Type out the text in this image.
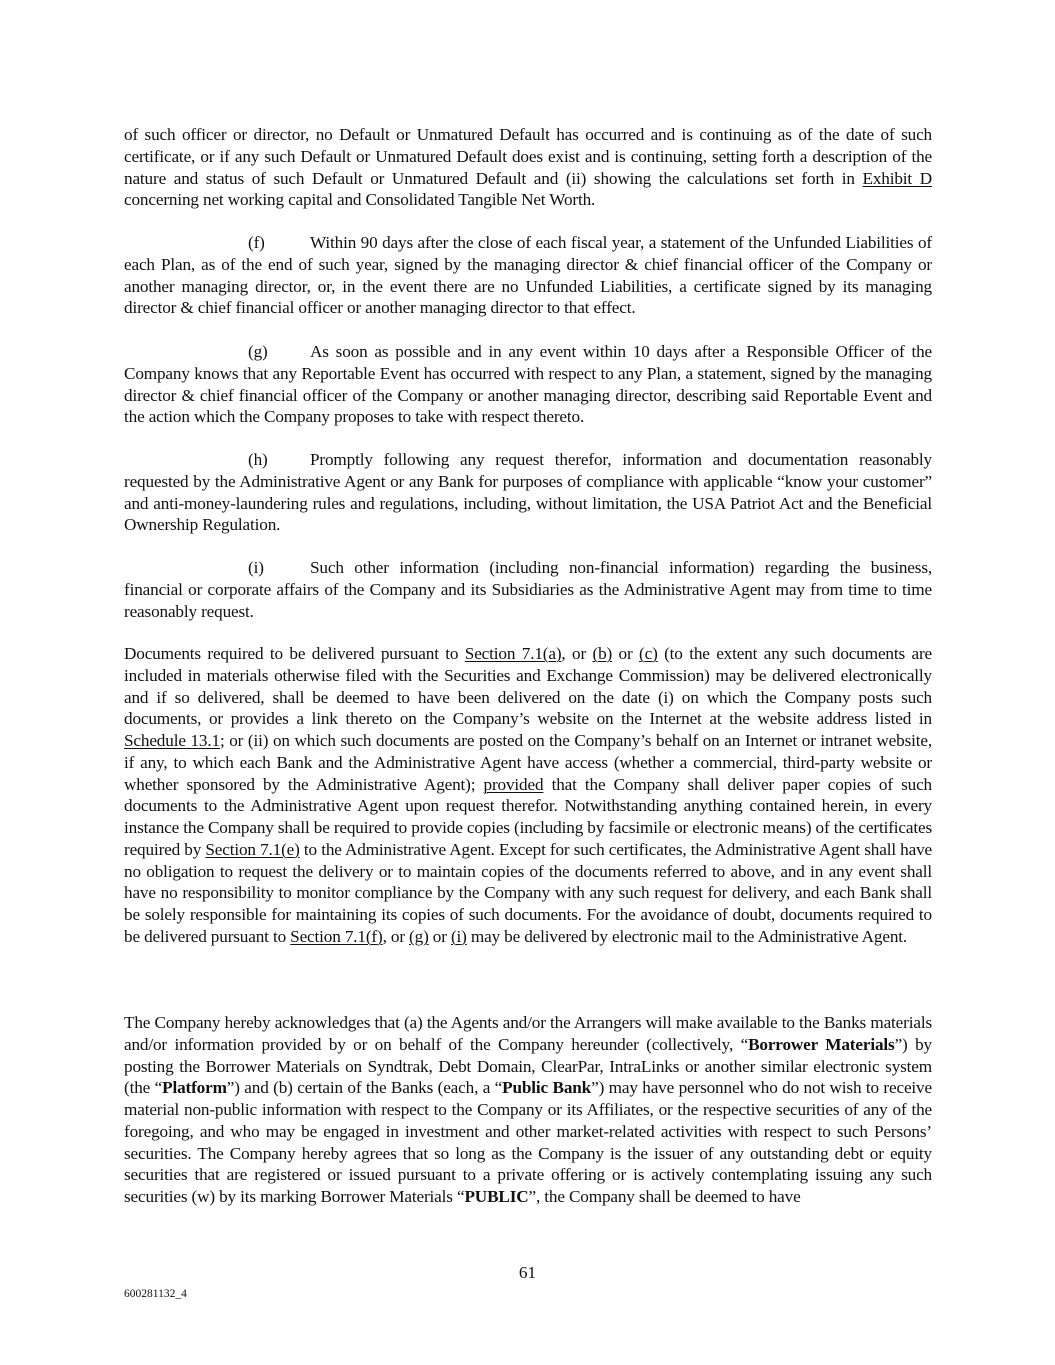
of such officer or director, no Default or Unmatured Default has occurred and is continuing as of the date of such certificate, or if any such Default or Unmatured Default does exist and is continuing, setting forth a description of the nature and status of such Default or Unmatured Default and (ii) showing the calculations set forth in Exhibit D concerning net working capital and Consolidated Tangible Net Worth.

(f)	Within 90 days after the close of each fiscal year, a statement of the Unfunded Liabilities of each Plan, as of the end of such year, signed by the managing director & chief financial officer of the Company or another managing director, or, in the event there are no Unfunded Liabilities, a certificate signed by its managing director & chief financial officer or another managing director to that effect.

(g) As soon as possible and in any event within 10 days after a Responsible Officer of the Company knows that any Reportable Event has occurred with respect to any Plan, a statement, signed by the managing director & chief financial officer of the Company or another managing director, describing said Reportable Event and the action which the Company proposes to take with respect thereto.

(h) Promptly following any request therefor, information and documentation reasonably requested by the Administrative Agent or any Bank for purposes of compliance with applicable “know your customer” and anti-money-laundering rules and regulations, including, without limitation, the USA Patriot Act and the Beneficial Ownership Regulation.

(i)	Such other information (including non-financial information) regarding the business, financial or corporate affairs of the Company and its Subsidiaries as the Administrative Agent may from time to time reasonably request.

Documents required to be delivered pursuant to Section 7.1(a), or (b) or (c) (to the extent any such documents are included in materials otherwise filed with the Securities and Exchange Commission) may be delivered electronically and if so delivered, shall be deemed to have been delivered on the date (i) on which the Company posts such documents, or provides a link thereto on the Company’s website on the Internet at the website address listed in Schedule 13.1; or (ii) on which such documents are posted on the Company’s behalf on an Internet or intranet website, if any, to which each Bank and the Administrative Agent have access (whether a commercial, third-party website or whether sponsored by the Administrative Agent); provided that the Company shall deliver paper copies of such documents to the Administrative Agent upon request therefor. Notwithstanding anything contained herein, in every instance the Company shall be required to provide copies (including by facsimile or electronic means) of the certificates required by Section 7.1(e) to the Administrative Agent. Except for such certificates, the Administrative Agent shall have no obligation to request the delivery or to maintain copies of the documents referred to above, and in any event shall have no responsibility to monitor compliance by the Company with any such request for delivery, and each Bank shall be solely responsible for maintaining its copies of such documents. For the avoidance of doubt, documents required to be delivered pursuant to Section 7.1(f), or (g) or (i) may be delivered by electronic mail to the Administrative Agent.

The Company hereby acknowledges that (a) the Agents and/or the Arrangers will make available to the Banks materials and/or information provided by or on behalf of the Company hereunder (collectively, “Borrower Materials”) by posting the Borrower Materials on Syndtrak, Debt Domain, ClearPar, IntraLinks or another similar electronic system (the “Platform”) and (b) certain of the Banks (each, a “Public Bank”) may have personnel who do not wish to receive material non-public information with respect to the Company or its Affiliates, or the respective securities of any of the foregoing, and who may be engaged in investment and other market-related activities with respect to such Persons’ securities. The Company hereby agrees that so long as the Company is the issuer of any outstanding debt or equity securities that are registered or issued pursuant to a private offering or is actively contemplating issuing any such securities (w) by its marking Borrower Materials “PUBLIC”, the Company shall be deemed to have

61
600281132_4
